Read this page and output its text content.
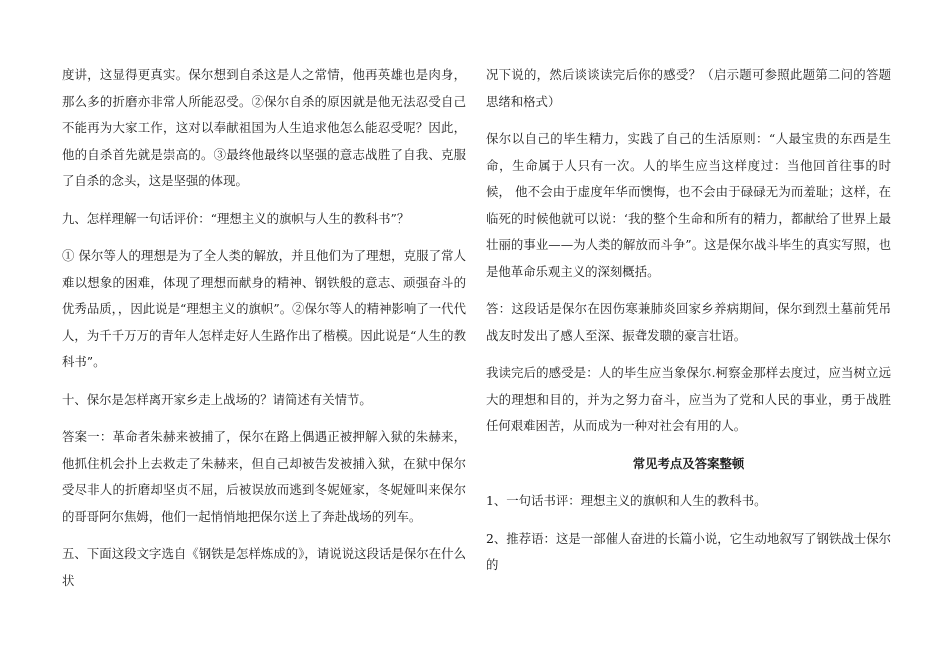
度讲，这显得更真实。保尔想到自杀这是人之常情，他再英雄也是肉身，那么多的折磨亦非常人所能忍受。②保尔自杀的原因就是他无法忍受自己不能再为大家工作，这对以奉献祖国为人生追求他怎么能忍受呢？因此，他的自杀首先就是崇高的。③最终他最终以坚强的意志战胜了自我、克服了自杀的念头，这是坚强的体现。

九、怎样理解一句话评价：“理想主义的旗帜与人生的教科书”？

① 保尔等人的理想是为了全人类的解放，并且他们为了理想，克服了常人难以想象的困难，体现了理想而献身的精神、钢铁般的意志、顽强奋斗的优秀品质，，因此说是“理想主义的旗帜”。②保尔等人的精神影响了一代代人，为千千万万的青年人怎样走好人生路作出了楷模。因此说是“人生的教科书”。

十、保尔是怎样离开家乡走上战场的？请简述有关情节。

答案一：革命者朱赫来被捕了，保尔在路上偶遇正被押解入狱的朱赫来，他抓住机会扑上去救走了朱赫来，但自己却被告发被捕入狱，在狱中保尔受尽非人的折磨却坚贞不屈，后被误放而逃到冬妮娅家，冬妮娅叫来保尔的哥哥阿尔焦姆，他们一起悄悄地把保尔送上了奔赴战场的列车。

五、下面这段文字选自《钢铁是怎样炼成的》，请说说这段话是保尔在什么状

况下说的，然后谈谈读完后你的感受？（启示题可参照此题第二问的答题思绪和格式）

保尔以自己的毕生精力，实践了自己的生活原则：“人最宝贵的东西是生命，生命属于人只有一次。人的毕生应当这样度过：当他回首往事的时候， 他不会由于虚度年华而懊悔，也不会由于碌碌无为而羞耻；这样，在临死的时候他就可以说：‘我的整个生命和所有的精力，都献给了世界上最壮丽的事业——为人类的解放而斗争”。这是保尔战斗毕生的真实写照，也是他革命乐观主义的深刻概括。

答：这段话是保尔在因伤寒兼肺炎回家乡养病期间，保尔到烈土墓前凭吊战友时发出了感人至深、振聋发聩的豪言壮语。

我读完后的感受是：人的毕生应当象保尔.柯察金那样去度过，应当树立远大的理想和目的，并为之努力奋斗，应当为了党和人民的事业，勇于战胜任何艰难困苦，从而成为一种对社会有用的人。

常见考点及答案整顿

1、一句话书评：理想主义的旗帜和人生的教科书。

2、推荐语：这是一部催人奋进的长篇小说，它生动地叙写了钢铁战士保尔的
